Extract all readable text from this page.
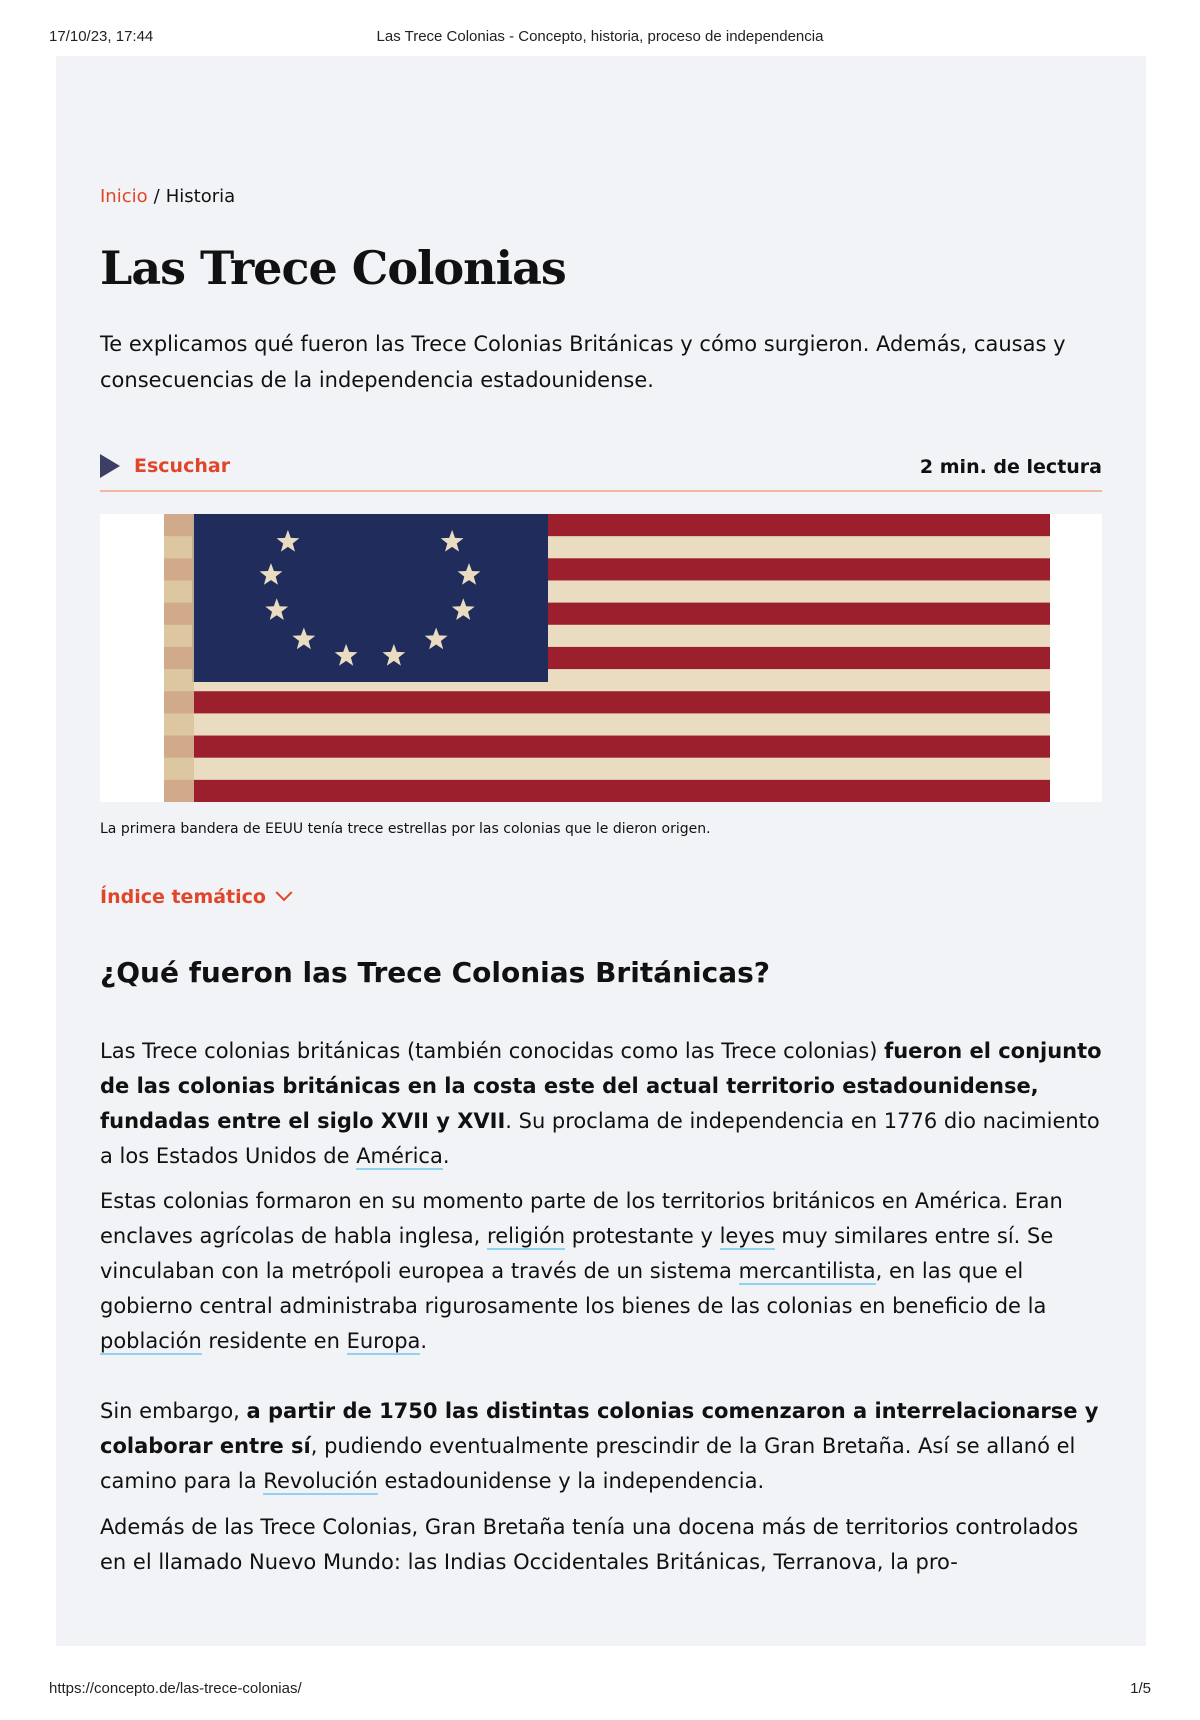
17/10/23, 17:44	Las Trece Colonias - Concepto, historia, proceso de independencia
Inicio / Historia
Las Trece Colonias

Te explicamos qué fueron las Trece Colonias Británicas y cómo surgieron. Además, causas y consecuencias de la independencia estadounidense.

Escuchar	2 min. de lectura
La primera bandera de EEUU tenía trece estrellas por las colonias que le dieron origen.
Índice temático
¿Qué fueron las Trece Colonias Británicas?

Las Trece colonias británicas (también conocidas como las Trece colonias) fueron el conjunto de las colonias británicas en la costa este del actual territorio estadounidense, fundadas entre el siglo XVII y XVII. Su proclama de independencia en 1776 dio nacimiento a los Estados Unidos de América.

Estas colonias formaron en su momento parte de los territorios británicos en América. Eran enclaves agrícolas de habla inglesa, religión protestante y leyes muy similares entre sí. Se vinculaban con la metrópoli europea a través de un sistema mercantilista, en las que el gobierno central administraba rigurosamente los bienes de las colonias en beneficio de la población residente en Europa.

Sin embargo, a partir de 1750 las distintas colonias comenzaron a interrelacionarse y colaborar entre sí, pudiendo eventualmente prescindir de la Gran Bretaña. Así se allanó el camino para la Revolución estadounidense y la independencia.

Además de las Trece Colonias, Gran Bretaña tenía una docena más de territorios controlados en el llamado Nuevo Mundo: las Indias Occidentales Británicas, Terranova, la pro-

https://concepto.de/las-trece-colonias/	1/5
